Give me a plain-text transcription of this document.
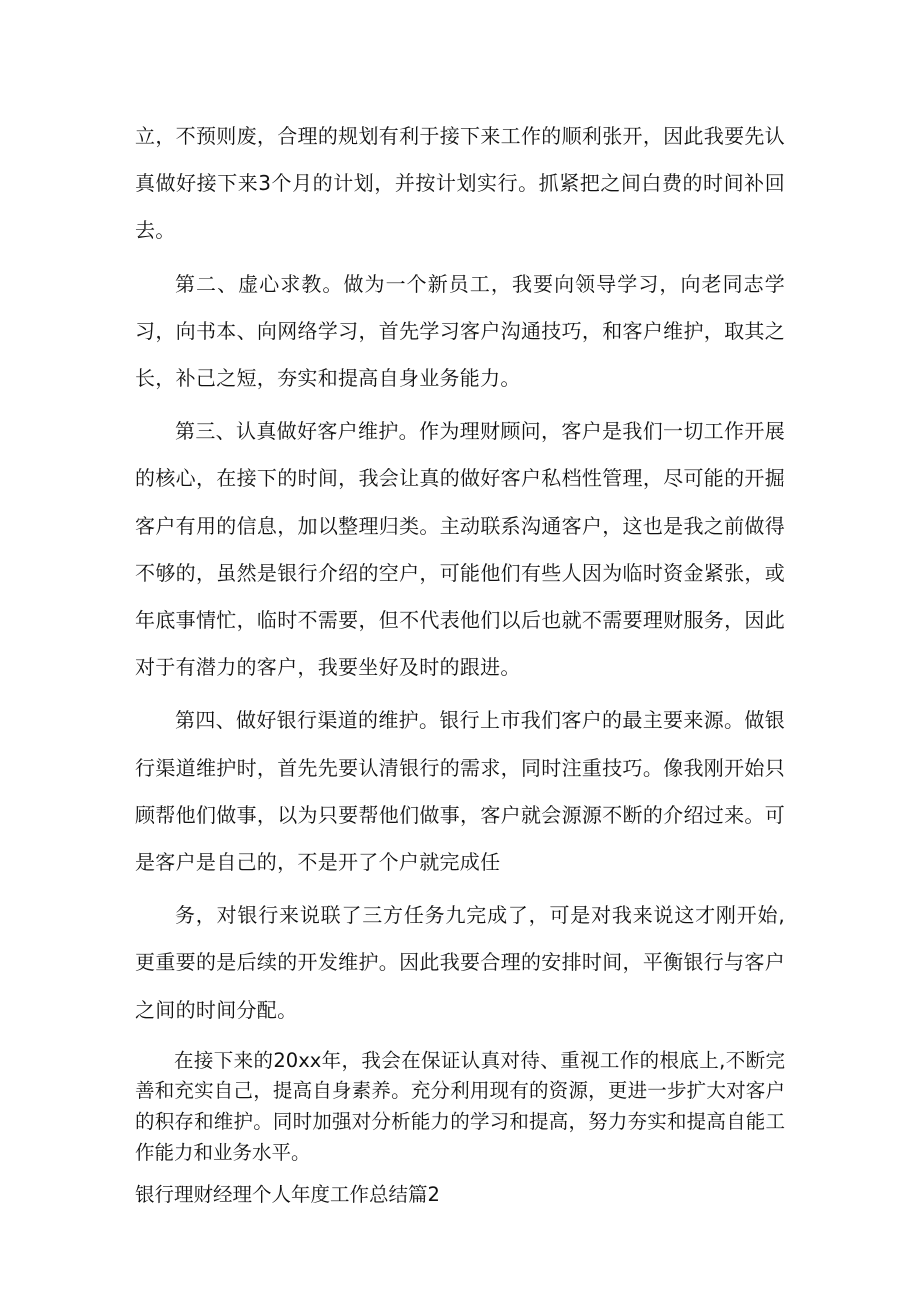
立，不预则废，合理的规划有利于接下来工作的顺利张开，因此我要先认真做好接下来3个月的计划，并按计划实行。抓紧把之间白费的时间补回去。

第二、虚心求教。做为一个新员工，我要向领导学习，向老同志学习，向书本、向网络学习，首先学习客户沟通技巧，和客户维护，取其之长，补己之短，夯实和提高自身业务能力。

第三、认真做好客户维护。作为理财顾问，客户是我们一切工作开展的核心，在接下的时间，我会让真的做好客户私档性管理，尽可能的开掘客户有用的信息，加以整理归类。主动联系沟通客户，这也是我之前做得不够的，虽然是银行介绍的空户，可能他们有些人因为临时资金紧张，或年底事情忙，临时不需要，但不代表他们以后也就不需要理财服务，因此对于有潜力的客户，我要坐好及时的跟进。

第四、做好银行渠道的维护。银行上市我们客户的最主要来源。做银行渠道维护时，首先先要认清银行的需求，同时注重技巧。像我刚开始只顾帮他们做事，以为只要帮他们做事，客户就会源源不断的介绍过来。可是客户是自己的，不是开了个户就完成任

务，对银行来说联了三方任务九完成了，可是对我来说这才刚开始,更重要的是后续的开发维护。因此我要合理的安排时间，平衡银行与客户之间的时间分配。

在接下来的20xx年，我会在保证认真对待、重视工作的根底上,不断完善和充实自己，提高自身素养。充分利用现有的资源，更进一步扩大对客户的积存和维护。同时加强对分析能力的学习和提高，努力夯实和提高自能工作能力和业务水平。

银行理财经理个人年度工作总结篇2
